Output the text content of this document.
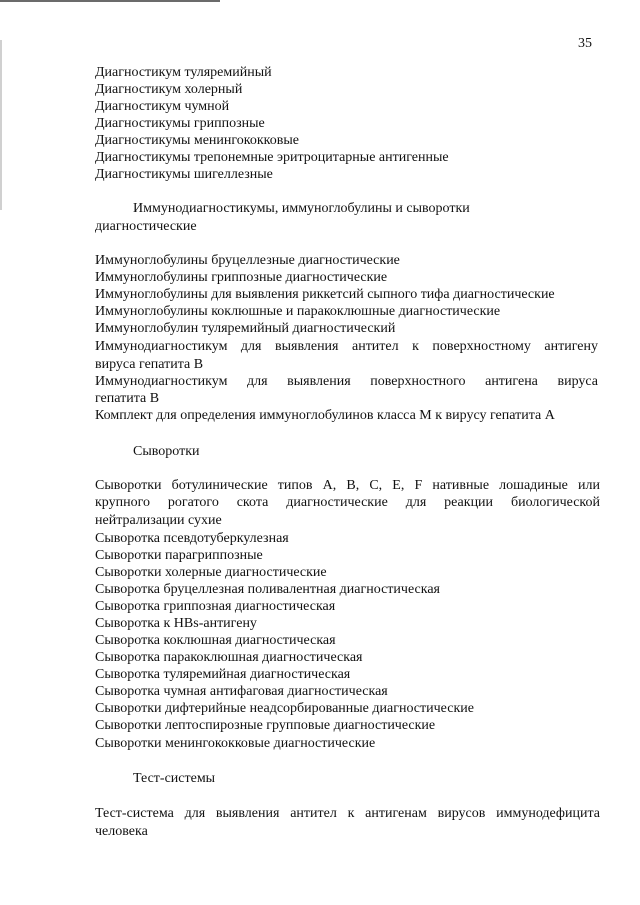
35
Диагностикум туляремийный
Диагностикум холерный
Диагностикум чумной
Диагностикумы гриппозные
Диагностикумы менингококковые
Диагностикумы трепонемные эритроцитарные антигенные
Диагностикумы шигеллезные
Иммунодиагностикумы, иммуноглобулины и сыворотки
диагностические
Иммуноглобулины бруцеллезные диагностические
Иммуноглобулины гриппозные диагностические
Иммуноглобулины для выявления риккетсий сыпного тифа диагностические
Иммуноглобулины коклюшные и паракоклюшные диагностические
Иммуноглобулин туляремийный диагностический
Иммунодиагностикум для выявления антител к поверхностному антигену
вируса гепатита B
Иммунодиагностикум для выявления поверхностного антигена вируса
гепатита B
Комплект для определения иммуноглобулинов класса М к вирусу гепатита А
Сыворотки
Сыворотки ботулинические типов А, В, С, Е, F нативные лошадиные или
крупного рогатого скота диагностические для реакции биологической
нейтрализации сухие
Сыворотка псевдотуберкулезная
Сыворотки парагриппозные
Сыворотки холерные диагностические
Сыворотка бруцеллезная поливалентная диагностическая
Сыворотка гриппозная диагностическая
Сыворотка к HBs-антигену
Сыворотка коклюшная диагностическая
Сыворотка паракоклюшная диагностическая
Сыворотка туляремийная диагностическая
Сыворотка чумная антифаговая диагностическая
Сыворотки дифтерийные неадсорбированные диагностические
Сыворотки лептоспирозные групповые диагностические
Сыворотки менингококковые диагностические
Тест-системы
Тест-система для выявления антител к антигенам вирусов иммунодефицита
человека
